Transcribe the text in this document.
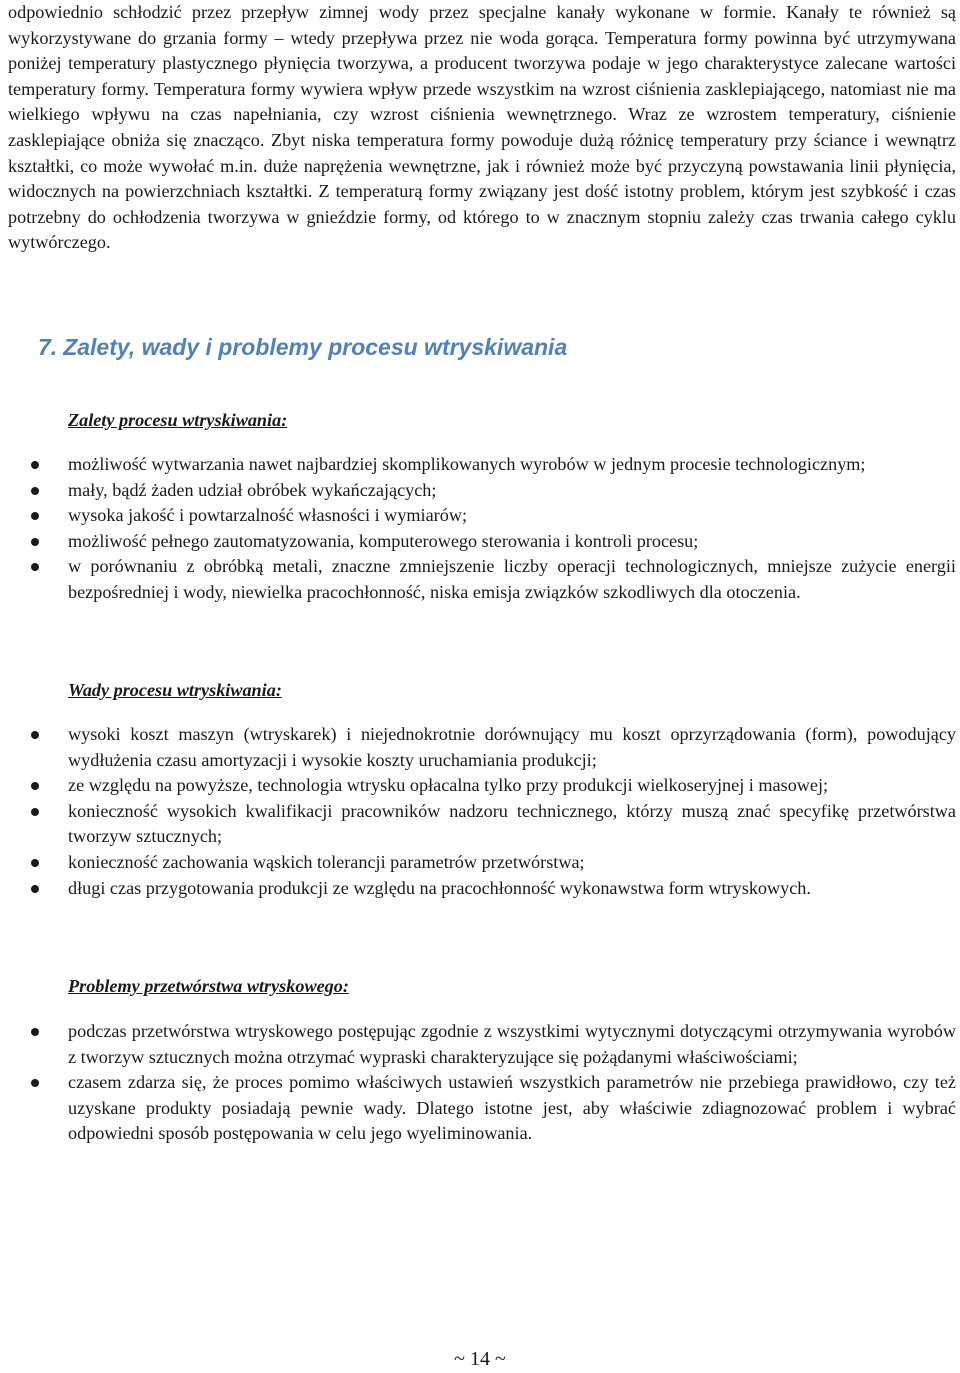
odpowiednio schłodzić przez przepływ zimnej wody przez specjalne kanały wykonane w formie. Kanały te również są wykorzystywane do grzania formy – wtedy przepływa przez nie woda gorąca. Temperatura formy powinna być utrzymywana poniżej temperatury plastycznego płynięcia tworzywa, a producent tworzywa podaje w jego charakterystyce zalecane wartości temperatury formy. Temperatura formy wywiera wpływ przede wszystkim na wzrost ciśnienia zasklepiającego, natomiast nie ma wielkiego wpływu na czas napełniania, czy wzrost ciśnienia wewnętrznego. Wraz ze wzrostem temperatury, ciśnienie zasklepiające obniża się znacząco. Zbyt niska temperatura formy powoduje dużą różnicę temperatury przy ściance i wewnątrz kształtki, co może wywołać m.in. duże naprężenia wewnętrzne, jak i również może być przyczyną powstawania linii płynięcia, widocznych na powierzchniach kształtki. Z temperaturą formy związany jest dość istotny problem, którym jest szybkość i czas potrzebny do ochłodzenia tworzywa w gnieździe formy, od którego to w znacznym stopniu zależy czas trwania całego cyklu wytwórczego.

7. Zalety, wady i problemy procesu wtryskiwania
Zalety procesu wtryskiwania:
możliwość wytwarzania nawet najbardziej skomplikowanych wyrobów w jednym procesie technologicznym;
mały, bądź żaden udział obróbek wykańczających;
wysoka jakość i powtarzalność własności i wymiarów;
możliwość pełnego zautomatyzowania, komputerowego sterowania i kontroli procesu;
w porównaniu z obróbką metali, znaczne zmniejszenie liczby operacji technologicznych, mniejsze zużycie energii bezpośredniej i wody, niewielka pracochłonność, niska emisja związków szkodliwych dla otoczenia.
Wady procesu wtryskiwania:
wysoki koszt maszyn (wtryskarek) i niejednokrotnie dorównujący mu koszt oprzyrządowania (form), powodujący wydłużenia czasu amortyzacji i wysokie koszty uruchamiania produkcji;
ze względu na powyższe, technologia wtrysku opłacalna tylko przy produkcji wielkoseryjnej i masowej;
konieczność wysokich kwalifikacji pracowników nadzoru technicznego, którzy muszą znać specyfikę przetwórstwa tworzyw sztucznych;
konieczność zachowania wąskich tolerancji parametrów przetwórstwa;
długi czas przygotowania produkcji ze względu na pracochłonność wykonawstwa form wtryskowych.
Problemy przetwórstwa wtryskowego:
podczas przetwórstwa wtryskowego postępując zgodnie z wszystkimi wytycznymi dotyczącymi otrzymywania wyrobów z tworzyw sztucznych można otrzymać wypraski charakteryzujące się pożądanymi właściwościami;
czasem zdarza się, że proces pomimo właściwych ustawień wszystkich parametrów nie przebiega prawidłowo, czy też uzyskane produkty posiadają pewnie wady. Dlatego istotne jest, aby właściwie zdiagnozować problem i wybrać odpowiedni sposób postępowania w celu jego wyeliminowania.
~ 14 ~
